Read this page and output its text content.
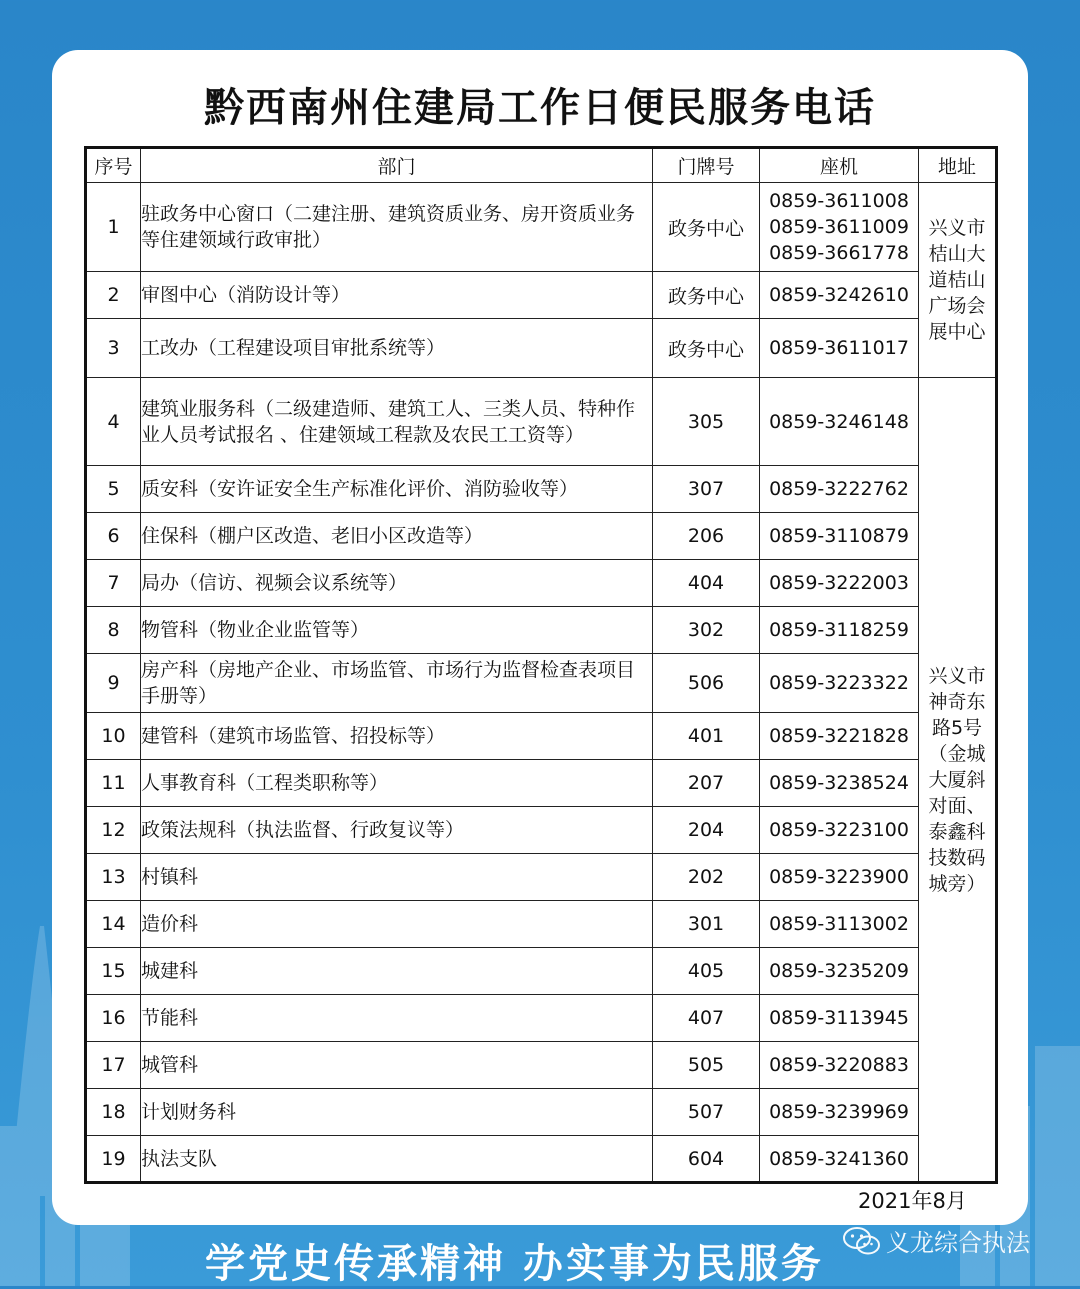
黔西南州住建局工作日便民服务电话
序号	部门	门牌号	座机	地址
1	驻政务中心窗口（二建注册、建筑资质业务、房开资质业务等住建领域行政审批）	政务中心	0859-3611008
0859-3611009
0859-3661778	兴义市桔山大道桔山广场会展中心

2	审图中心（消防设计等）	政务中心	0859-3242610	

3	工改办（工程建设项目审批系统等）	政务中心	0859-3611017	

4	建筑业服务科（二级建造师、建筑工人、三类人员、特种作业人员考试报名 、住建领域工程款及农民工工资等）	305	0859-3246148	兴义市神奇东路5号（金城大厦斜对面、泰鑫科技数码城旁）

5	质安科（安许证安全生产标准化评价、消防验收等）	307	0859-3222762	

6	住保科（棚户区改造、老旧小区改造等）	206	0859-3110879	

7	局办（信访、视频会议系统等）	404	0859-3222003	

8	物管科（物业企业监管等）	302	0859-3118259	

9	房产科（房地产企业、市场监管、市场行为监督检查表项目手册等）	506	0859-3223322	

10	建管科（建筑市场监管、招投标等）	401	0859-3221828	

11	人事教育科（工程类职称等）	207	0859-3238524	

12	政策法规科（执法监督、行政复议等）	204	0859-3223100	

13	村镇科	202	0859-3223900	

14	造价科	301	0859-3113002	

15	城建科	405	0859-3235209	

16	节能科	407	0859-3113945	

17	城管科	505	0859-3220883	

18	计划财务科	507	0859-3239969	

19	执法支队	604	0859-3241360	
2021年8月
学党史传承精神 办实事为民服务	义龙综合执法
